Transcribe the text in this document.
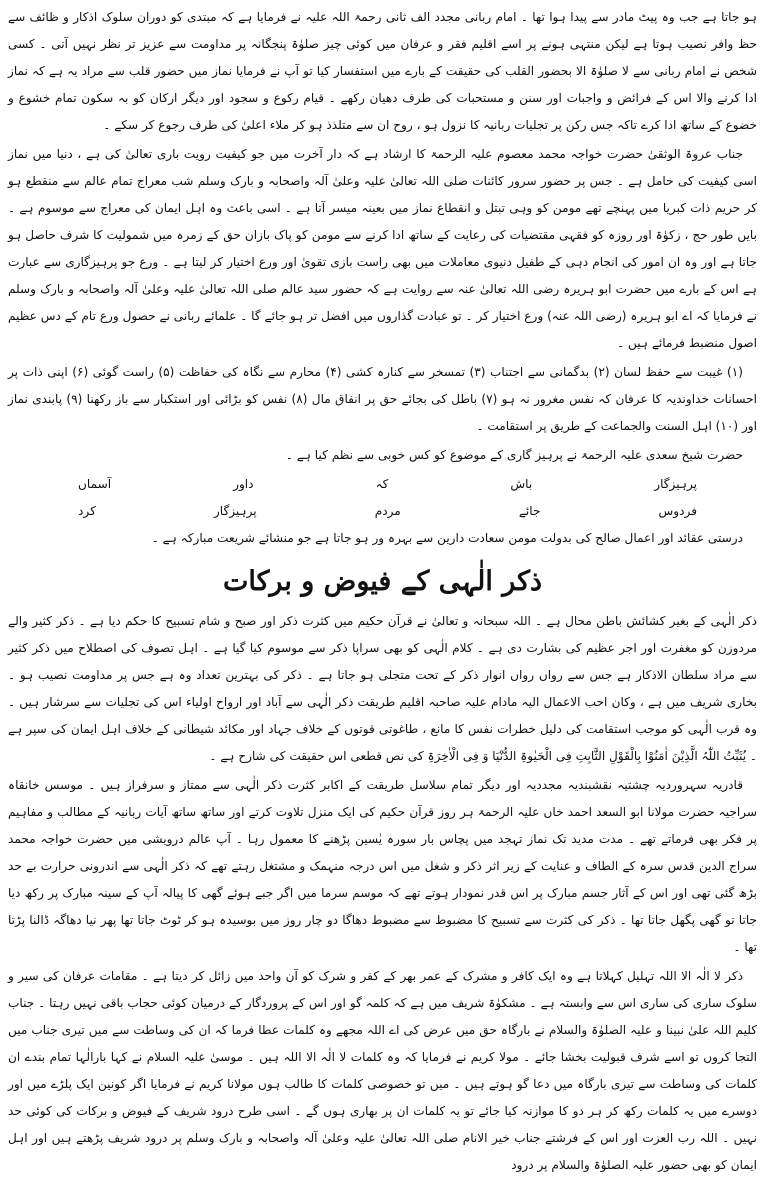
ہو جاتا ہے جب وہ پیٹ مادر سے پیدا ہوا تھا ۔ امام ربانی مجدد الف ثانی رحمۃ اللہ علیہ نے فرمایا ہے کہ مبتدی کو دوران سلوک اذکار و ظائف سے حظ وافر نصیب ہوتا ہے لیکن منتہی ہونے پر اسے اقلیم فقر و عرفان میں کوئی چیز صلوٰۃ پنجگانہ پر مداومت سے عزیز تر نظر نہیں آتی ۔ کسی شخص نے امام ربانی سے لا صلوٰۃ الا بحضور القلب کی حقیقت کے بارے میں استفسار کیا تو آپ نے فرمایا نماز میں حضور قلب سے مراد یہ ہے کہ نماز ادا کرنے والا اس کے فرائض و واجبات اور سنن و مستحبات کی طرف دھیان رکھے ۔ قیام رکوع و سجود اور دیگر ارکان کو بہ سکون تمام خشوع و خضوع کے ساتھ ادا کرے تاکہ جس رکن پر تجلیات ربانیہ کا نزول ہو ، روح ان سے متلذذ ہو کر ملاء اعلیٰ کی طرف رجوع کر سکے ۔

جناب عروۃ الوثقیٰ حضرت خواجہ محمد معصوم علیہ الرحمۃ کا ارشاد ہے کہ دار آخرت میں جو کیفیت رویت باری تعالیٰ کی ہے ، دنیا میں نماز اسی کیفیت کی حامل ہے ۔ جس پر حضور سرور کائنات صلی اللہ تعالیٰ علیہ وعلیٰ آلہ واصحابہ و بارک وسلم شب معراج تمام عالم سے منقطع ہو کر حریم ذات کبریا میں پہنچے تھے مومن کو وہی تبتل و انقطاع نماز میں بعینہ میسر آتا ہے ۔ اسی باعث وہ اہل ایمان کی معراج سے موسوم ہے ۔ بایں طور حج ، زکوٰۃ اور روزہ کو فقہی مقتضیات کی رعایت کے ساتھ ادا کرنے سے مومن کو پاک بازان حق کے زمرہ میں شمولیت کا شرف حاصل ہو جاتا ہے اور وہ ان امور کی انجام دہی کے طفیل دنیوی معاملات میں بھی راست بازی تقویٰ اور ورع اختیار کر لیتا ہے ۔ ورع جو پرہیزگاری سے عبارت ہے اس کے بارے میں حضرت ابو ہریرہ رضی اللہ تعالیٰ عنہ سے روایت ہے کہ حضور سید عالم صلی اللہ تعالیٰ علیہ وعلیٰ آلہ واصحابہ و بارک وسلم نے فرمایا کہ اے ابو ہریرہ (رضی اللہ عنہ) ورع اختیار کر ۔ تو عبادت گذاروں میں افضل تر ہو جائے گا ۔ علمائے ربانی نے حصول ورع تام کے دس عظیم اصول منضبط فرمائے ہیں ۔

(۱) غیبت سے حفظ لسان (۲) بدگمانی سے اجتناب (۳) تمسخر سے کنارہ کشی (۴) محارم سے نگاہ کی حفاظت (۵) راست گوئی (۶) اپنی ذات پر احسانات خداوندیہ کا عرفان کہ نفس مغرور نہ ہو (۷) باطل کی بجائے حق پر انفاق مال (۸) نفس کو بڑائی اور استکبار سے باز رکھنا (۹) پابندی نماز اور (۱۰) اہل السنت والجماعت کے طریق پر استقامت ۔

حضرت شیخ سعدی علیہ الرحمۃ نے پرہیز گاری کے موضوع کو کس خوبی سے نظم کیا ہے ۔

پرہیزگار
باش
کہ
داور
آسماں
فردوس
جائے
مردم
پرہیزگار
کرد

درستی عقائد اور اعمال صالح کی بدولت مومن سعادت دارین سے بہرہ ور ہو جاتا ہے جو منشائے شریعت مبارکہ ہے ۔

ذکر الٰہی کے فیوض و برکات

ذکر الٰہی کے بغیر کشائش باطن محال ہے ۔ اللہ سبحانہ و تعالیٰ نے قرآن حکیم میں کثرت ذکر اور صبح و شام تسبیح کا حکم دیا ہے ۔ ذکر کثیر والے مردوزن کو مغفرت اور اجر عظیم کی بشارت دی ہے ۔ کلام الٰہی کو بھی سراپا ذکر سے موسوم کیا گیا ہے ۔ اہل تصوف کی اصطلاح میں ذکر کثیر سے مراد سلطان الاذکار ہے جس سے رواں رواں انوار ذکر کے تحت متجلی ہو جاتا ہے ۔ ذکر کی بہترین تعداد وہ ہے جس پر مداومت نصیب ہو ۔ بخاری شریف میں ہے ، وکان احب الاعمال الیہ مادام علیہ صاحبہ اقلیم طریقت ذکر الٰہی سے آباد اور ارواح اولیاء اس کی تجلیات سے سرشار ہیں ۔ وہ قرب الٰہی کو موجب استقامت کی دلیل خطرات نفس کا مانع ، طاغوتی قوتوں کے خلاف جہاد اور مکائد شیطانی کے خلاف اہل ایمان کی سپر ہے ۔ یُثَبِّتُ اللّٰہُ الَّذِیْنَ اٰمَنُوْا بِالْقَوْلِ الثَّابِتِ فِی الْحَیٰوۃِ الدُّنْیَا وَ فِی الْاٰخِرَۃِ کی نص قطعی اس حقیقت کی شارح ہے ۔

قادریہ سہروردیہ چشتیہ نقشبندیہ مجددیہ اور دیگر تمام سلاسل طریقت کے اکابر کثرت ذکر الٰہی سے ممتاز و سرفراز ہیں ۔ موسس خانقاہ سراجیہ حضرت مولانا ابو السعد احمد خاں علیہ الرحمۃ ہر روز قرآن حکیم کی ایک منزل تلاوت کرتے اور ساتھ ساتھ آیات ربانیہ کے مطالب و مفاہیم پر فکر بھی فرماتے تھے ۔ مدت مدید تک نماز تہجد میں پچاس بار سورہ یٰسین پڑھنے کا معمول رہا ۔ آپ عالم درویشی میں حضرت خواجہ محمد سراج الدین قدس سرہ کے الطاف و عنایت کے زیر اثر ذکر و شغل میں اس درجہ منہمک و مشتغل رہتے تھے کہ ذکر الٰہی سے اندرونی حرارت بے حد بڑھ گئی تھی اور اس کے آثار جسم مبارک پر اس قدر نمودار ہوتے تھے کہ موسم سرما میں اگر جبے ہوئے گھی کا پیالہ آپ کے سینہ مبارک پر رکھ دیا جاتا تو گھی پگھل جاتا تھا ۔ ذکر کی کثرت سے تسبیح کا مضبوط سے مضبوط دھاگا دو چار روز میں بوسیدہ ہو کر ٹوٹ جاتا تھا پھر نیا دھاگہ ڈالنا پڑتا تھا ۔

ذکر لا الٰہ الا اللہ تہلیل کہلاتا ہے وہ ایک کافر و مشرک کے عمر بھر کے کفر و شرک کو آن واحد میں زائل کر دیتا ہے ۔ مقامات عرفان کی سیر و سلوک ساری کی ساری اس سے وابستہ ہے ۔ مشکوٰۃ شریف میں ہے کہ کلمہ گو اور اس کے پروردگار کے درمیان کوئی حجاب باقی نہیں رہتا ۔ جناب کلیم اللہ علیٰ نبینا و علیہ الصلوٰۃ والسلام نے بارگاہ حق میں عرض کی اے اللہ مجھے وہ کلمات عطا فرما کہ ان کی وساطت سے میں تیری جناب میں التجا کروں تو اسے شرف قبولیت بخشا جائے ۔ مولا کریم نے فرمایا کہ وہ کلمات لا الٰہ الا اللہ ہیں ۔ موسیٰ علیہ السلام نے کہا بارالٰہا تمام بندے ان کلمات کی وساطت سے تیری بارگاہ میں دعا گو ہوتے ہیں ۔ میں تو خصوصی کلمات کا طالب ہوں مولانا کریم نے فرمایا اگر کونین ایک پلڑے میں اور دوسرے میں یہ کلمات رکھ کر ہر دو کا موازنہ کیا جائے تو یہ کلمات ان پر بھاری ہوں گے ۔ اسی طرح درود شریف کے فیوض و برکات کی کوئی حد نہیں ۔ اللہ رب العزت اور اس کے فرشتے جناب خیر الانام صلی اللہ تعالیٰ علیہ وعلیٰ آلہ واصحابہ و بارک وسلم پر درود شریف پڑھتے ہیں اور اہل ایمان کو بھی حضور علیہ الصلوٰۃ والسلام پر درود
